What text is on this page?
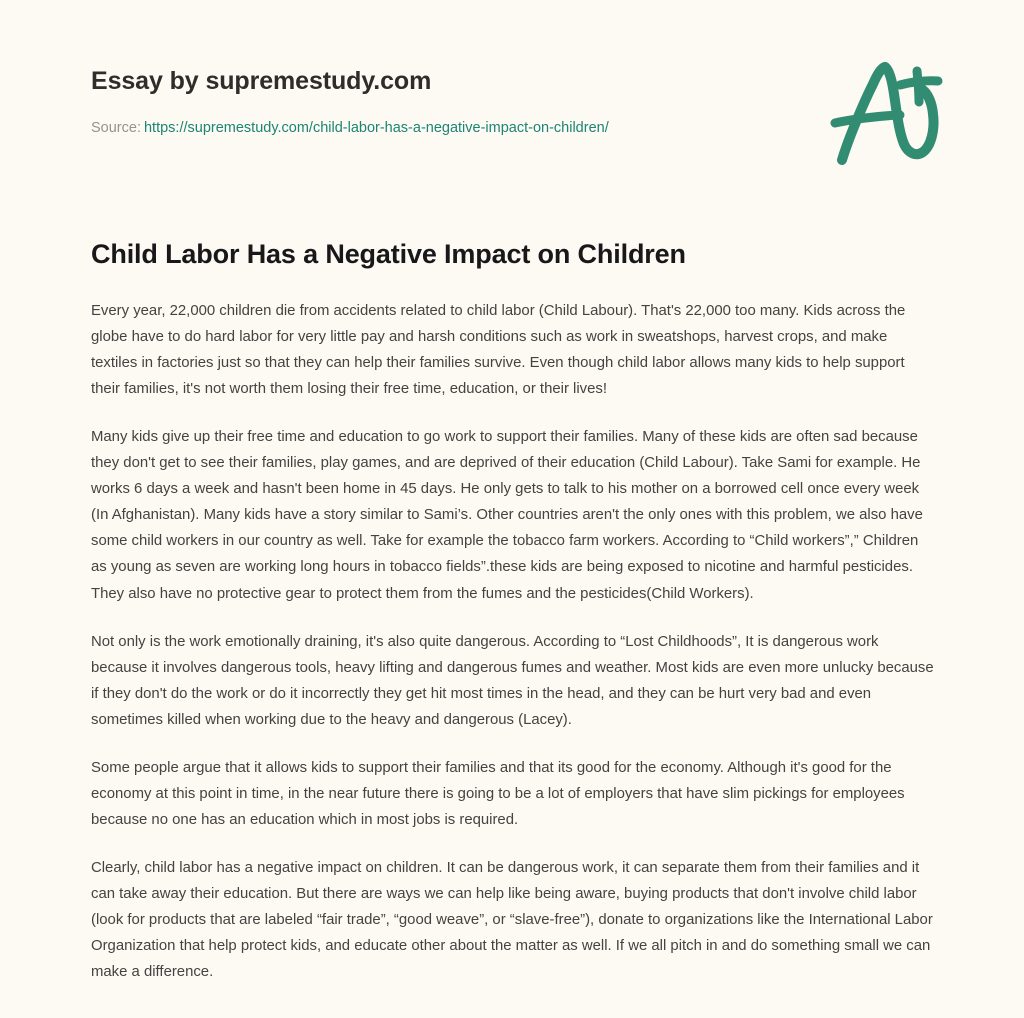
Essay by supremestudy.com
Source: https://supremestudy.com/child-labor-has-a-negative-impact-on-children/
Child Labor Has a Negative Impact on Children

Every year, 22,000 children die from accidents related to child labor (Child Labour). That's 22,000 too many. Kids across the globe have to do hard labor for very little pay and harsh conditions such as work in sweatshops, harvest crops, and make textiles in factories just so that they can help their families survive. Even though child labor allows many kids to help support their families, it's not worth them losing their free time, education, or their lives!

Many kids give up their free time and education to go work to support their families. Many of these kids are often sad because they don't get to see their families, play games, and are deprived of their education (Child Labour). Take Sami for example. He works 6 days a week and hasn't been home in 45 days. He only gets to talk to his mother on a borrowed cell once every week (In Afghanistan). Many kids have a story similar to Sami’s. Other countries aren't the only ones with this problem, we also have some child workers in our country as well. Take for example the tobacco farm workers. According to “Child workers”,” Children as young as seven are working long hours in tobacco fields”.these kids are being exposed to nicotine and harmful pesticides. They also have no protective gear to protect them from the fumes and the pesticides(Child Workers).

Not only is the work emotionally draining, it's also quite dangerous. According to “Lost Childhoods”, It is dangerous work because it involves dangerous tools, heavy lifting and dangerous fumes and weather. Most kids are even more unlucky because if they don't do the work or do it incorrectly they get hit most times in the head, and they can be hurt very bad and even sometimes killed when working due to the heavy and dangerous (Lacey).

Some people argue that it allows kids to support their families and that its good for the economy. Although it's good for the economy at this point in time, in the near future there is going to be a lot of employers that have slim pickings for employees because no one has an education which in most jobs is required.

Clearly, child labor has a negative impact on children. It can be dangerous work, it can separate them from their families and it can take away their education. But there are ways we can help like being aware, buying products that don't involve child labor (look for products that are labeled “fair trade”, “good weave”, or “slave-free”), donate to organizations like the International Labor Organization that help protect kids, and educate other about the matter as well. If we all pitch in and do something small we can make a difference.
